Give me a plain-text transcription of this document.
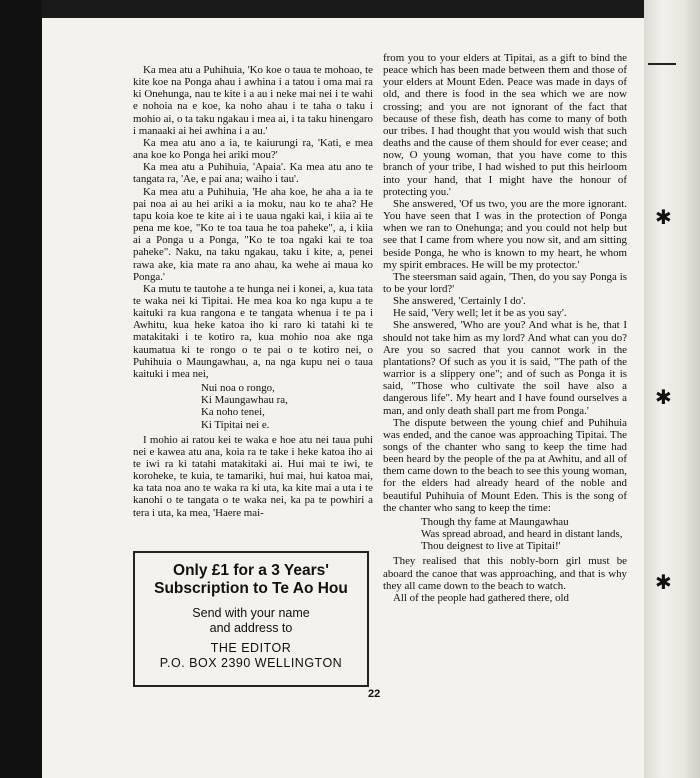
✱
✱
✱

Ka mea atu a Puhihuia, 'Ko koe o taua te mohoao, te kite koe na Ponga ahau i awhina i a tatou i oma mai ra ki Onehunga, nau te kite i a au i neke mai nei i te wahi e nohoia na e koe, ka noho ahau i te taha o taku i mohio ai, o ta taku ngakau i mea ai, i ta taku hinengaro i manaaki ai hei awhina i a au.'

Ka mea atu ano a ia, te kaiurungi ra, 'Kati, e mea ana koe ko Ponga hei ariki mou?'

Ka mea atu a Puhihuia, 'Apaia'. Ka mea atu ano te tangata ra, 'Ae, e pai ana; waiho i tau'.

Ka mea atu a Puhihuia, 'He aha koe, he aha a ia te pai noa ai au hei ariki a ia moku, nau ko te aha? He tapu koia koe te kite ai i te uaua ngaki kai, i kiia ai te pena me koe, "Ko te toa taua he toa paheke", a, i kiia ai a Ponga u a Ponga, "Ko te toa ngaki kai te toa paheke". Naku, na taku ngakau, taku i kite, a, penei rawa ake, kia mate ra ano ahau, ka wehe ai maua ko Ponga.'

Ka mutu te tautohe a te hunga nei i konei, a, kua tata te waka nei ki Tipitai. He mea koa ko nga kupu a te kaituki ra kua rangona e te tangata whenua i te pa i Awhitu, kua heke katoa iho ki raro ki tatahi ki te matakitaki i te kotiro ra, kua mohio noa ake nga kaumatua ki te rongo o te pai o te kotiro nei, o Puhihuia o Maungawhau, a, na nga kupu nei o taua kaituki i mea nei,

Nui noa o rongo,
Ki Maungawhau ra,
Ka noho tenei,
Ki Tipitai nei e.

I mohio ai ratou kei te waka e hoe atu nei taua puhi nei e kawea atu ana, koia ra te take i heke katoa iho ai te iwi ra ki tatahi matakitaki ai. Hui mai te iwi, te koroheke, te kuia, te tamariki, hui mai, hui katoa mai, ka tata noa ano te waka ra ki uta, ka kite mai a uta i te kanohi o te tangata o te waka nei, ka pa te powhiri a tera i uta, ka mea, 'Haere mai-

Only £1 for a 3 Years'
Subscription to Te Ao Hou
Send with your name
and address to
THE EDITOR
P.O. BOX 2390 WELLINGTON

from you to your elders at Tipitai, as a gift to bind the peace which has been made between them and those of your elders at Mount Eden. Peace was made in days of old, and there is food in the sea which we are now crossing; and you are not ignorant of the fact that because of these fish, death has come to many of both our tribes. I had thought that you would wish that such deaths and the cause of them should for ever cease; and now, O young woman, that you have come to this branch of your tribe, I had wished to put this heirloom into your hand, that I might have the honour of protecting you.'

She answered, 'Of us two, you are the more ignorant. You have seen that I was in the protection of Ponga when we ran to Onehunga; and you could not help but see that I came from where you now sit, and am sitting beside Ponga, he who is known to my heart, he whom my spirit embraces. He will be my protector.'

The steersman said again, 'Then, do you say Ponga is to be your lord?'

She answered, 'Certainly I do'.

He said, 'Very well; let it be as you say'.

She answered, 'Who are you? And what is he, that I should not take him as my lord? And what can you do? Are you so sacred that you cannot work in the plantations? Of such as you it is said, "The path of the warrior is a slippery one"; and of such as Ponga it is said, "Those who cultivate the soil have also a dangerous life". My heart and I have found ourselves a man, and only death shall part me from Ponga.'

The dispute between the young chief and Puhihuia was ended, and the canoe was approaching Tipitai. The songs of the chanter who sang to keep the time had been heard by the people of the pa at Awhitu, and all of them came down to the beach to see this young woman, for the elders had already heard of the noble and beautiful Puhihuia of Mount Eden. This is the song of the chanter who sang to keep the time:

Though thy fame at Maungawhau
Was spread abroad, and heard in distant lands,
Thou deignest to live at Tipitai!'

They realised that this nobly-born girl must be aboard the canoe that was approaching, and that is why they all came down to the beach to watch.

All of the people had gathered there, old

22
